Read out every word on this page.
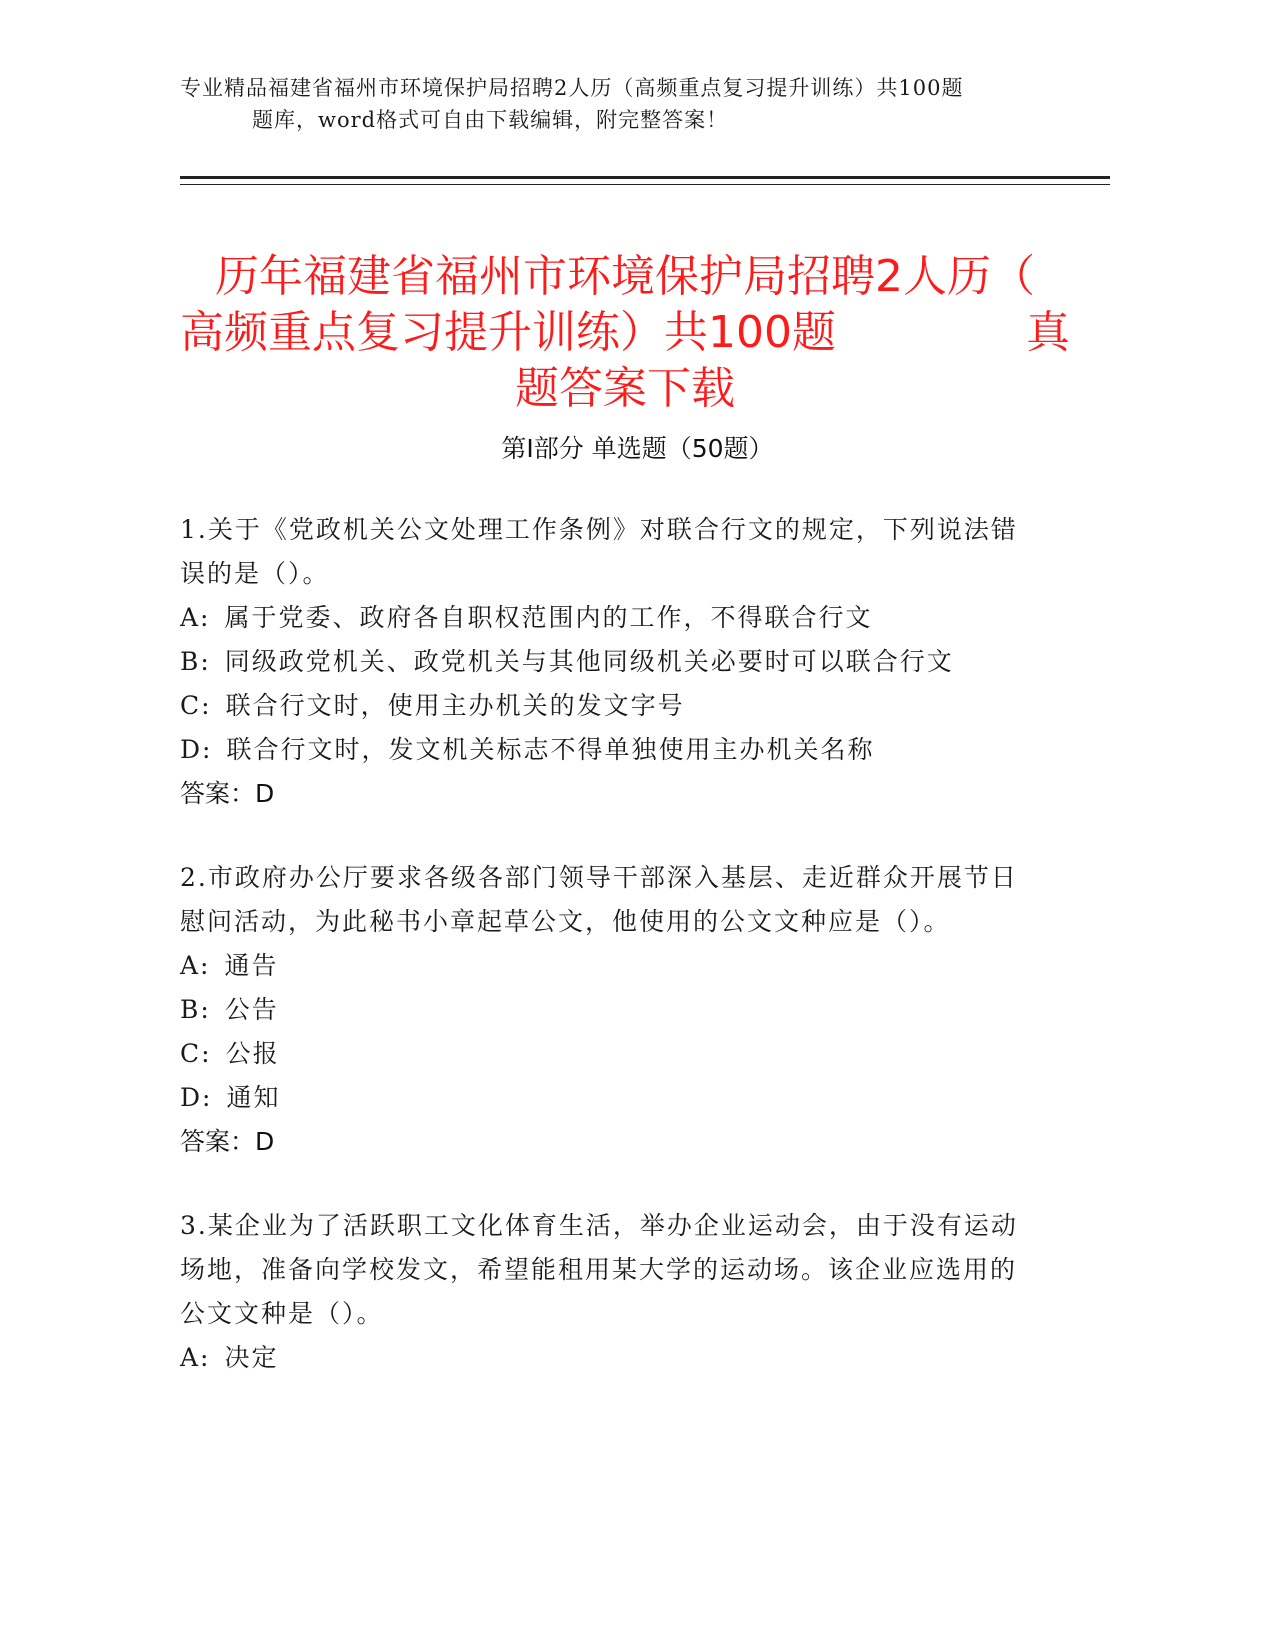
专业精品福建省福州市环境保护局招聘2人历（高频重点复习提升训练）共100题
题库，word格式可自由下载编辑，附完整答案！
历年福建省福州市环境保护局招聘2人历（
高频重点复习提升训练）共100题	真
题答案下载
第Ⅰ部分 单选题（50题）
1.关于《党政机关公文处理工作条例》对联合行文的规定，下列说法错误的是（）。
A: 属于党委、政府各自职权范围内的工作，不得联合行文
B: 同级政党机关、政党机关与其他同级机关必要时可以联合行文
C: 联合行文时，使用主办机关的发文字号
D: 联合行文时，发文机关标志不得单独使用主办机关名称
答案：D
2.市政府办公厅要求各级各部门领导干部深入基层、走近群众开展节日慰问活动，为此秘书小章起草公文，他使用的公文文种应是（）。
A: 通告
B: 公告
C: 公报
D: 通知
答案：D
3.某企业为了活跃职工文化体育生活，举办企业运动会，由于没有运动场地，准备向学校发文，希望能租用某大学的运动场。该企业应选用的公文文种是（）。
A: 决定
